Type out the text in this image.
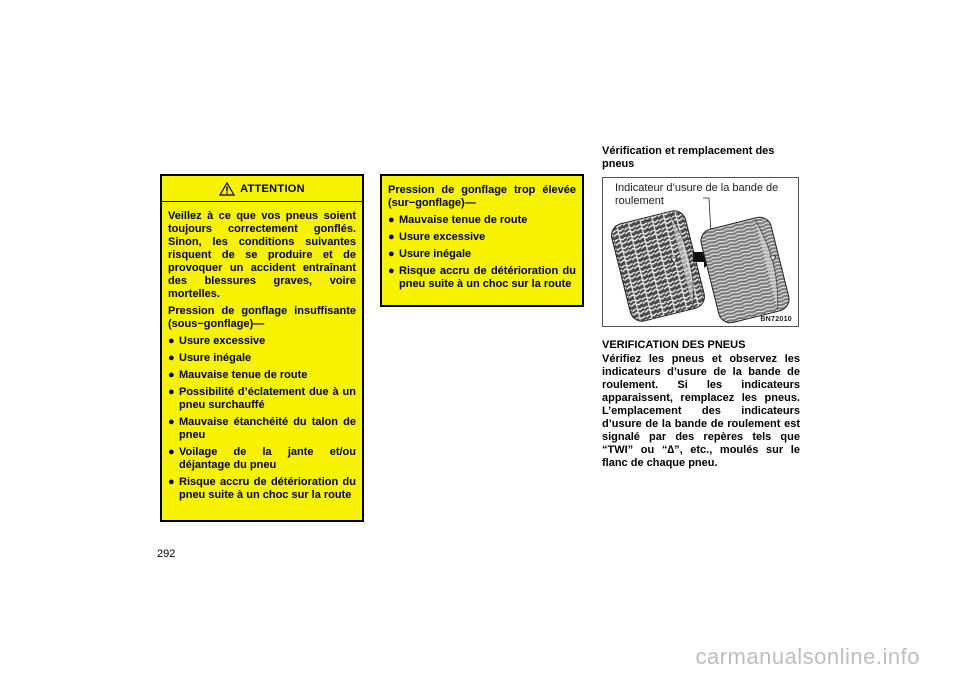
ATTENTION

Veillez à ce que vos pneus soient toujours correctement gonflés. Sinon, les conditions suivantes risquent de se produire et de provoquer un accident entraînant des blessures graves, voire mortelles.

Pression de gonflage insuffisante (sous−gonflage)—

● Usure excessive
● Usure inégale
● Mauvaise tenue de route
● Possibilité d’éclatement due à un pneu surchauffé
● Mauvaise étanchéité du talon de pneu
● Voilage de la jante et/ou déjantage du pneu
● Risque accru de détérioration du pneu suite à un choc sur la route

Pression de gonflage trop élevée (sur−gonflage)—

● Mauvaise tenue de route
● Usure excessive
● Usure inégale
● Risque accru de détérioration du pneu suite à un choc sur la route
Vérification et remplacement des pneus
Indicateur d’usure de la bande de roulement
BN72010
VERIFICATION DES PNEUS

Vérifiez les pneus et observez les indicateurs d’usure de la bande de roulement. Si les indicateurs apparaissent, remplacez les pneus. L’emplacement des indicateurs d’usure de la bande de roulement est signalé par des repères tels que “TWI” ou “∆”, etc., moulés sur le flanc de chaque pneu.

292
carmanualsonline.info
